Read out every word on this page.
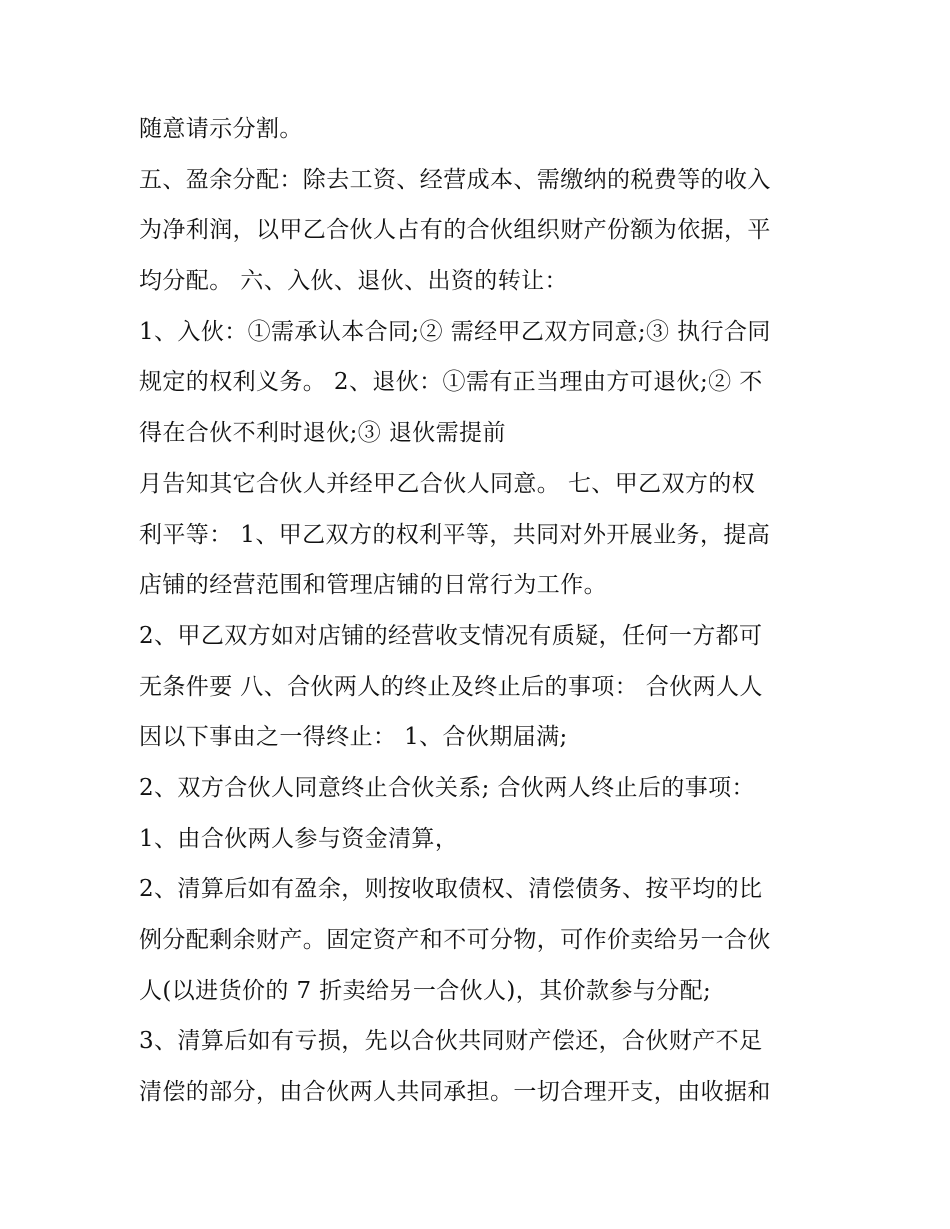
随意请示分割。
五、盈余分配：除去工资、经营成本、需缴纳的税费等的收入
为净利润，以甲乙合伙人占有的合伙组织财产份额为依据，平
均分配。 六、入伙、退伙、出资的转让：
1、入伙：①需承认本合同;② 需经甲乙双方同意;③ 执行合同
规定的权利义务。 2、退伙：①需有正当理由方可退伙;② 不
得在合伙不利时退伙;③ 退伙需提前
月告知其它合伙人并经甲乙合伙人同意。 七、甲乙双方的权
利平等： 1、甲乙双方的权利平等，共同对外开展业务，提高
店铺的经营范围和管理店铺的日常行为工作。
2、甲乙双方如对店铺的经营收支情况有质疑，任何一方都可
无条件要 八、合伙两人的终止及终止后的事项： 合伙两人人
因以下事由之一得终止： 1、合伙期届满;
2、双方合伙人同意终止合伙关系; 合伙两人终止后的事项：
1、由合伙两人参与资金清算，
2、清算后如有盈余，则按收取债权、清偿债务、按平均的比
例分配剩余财产。固定资产和不可分物，可作价卖给另一合伙
人(以进货价的 7 折卖给另一合伙人)，其价款参与分配;
3、清算后如有亏损，先以合伙共同财产偿还，合伙财产不足
清偿的部分，由合伙两人共同承担。一切合理开支，由收据和
